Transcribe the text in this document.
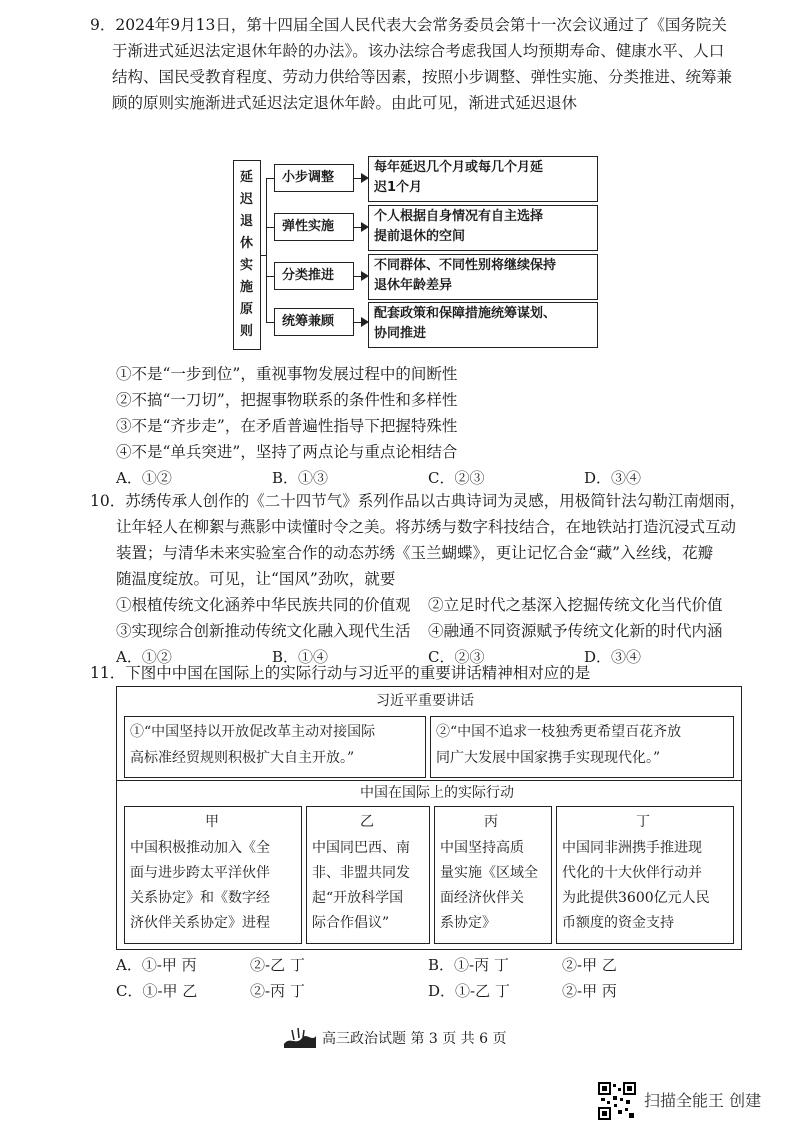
9．2024年9月13日，第十四届全国人民代表大会常务委员会第十一次会议通过了《国务院关
于渐进式延迟法定退休年龄的办法》。该办法综合考虑我国人均预期寿命、健康水平、人口
结构、国民受教育程度、劳动力供给等因素，按照小步调整、弹性实施、分类推进、统筹兼
顾的原则实施渐进式延迟法定退休年龄。由此可见，渐进式延迟退休
延
迟
退
休
实
施
原
则
小步调整
弹性实施
分类推进
统筹兼顾
每年延迟几个月或每几个月延
迟1个月
个人根据自身情况有自主选择
提前退休的空间
不同群体、不同性别将继续保持
退休年龄差异
配套政策和保障措施统筹谋划、
协同推进
①不是“一步到位”，重视事物发展过程中的间断性
②不搞“一刀切”，把握事物联系的条件性和多样性
③不是“齐步走”，在矛盾普遍性指导下把握特殊性
④不是“单兵突进”，坚持了两点论与重点论相结合
A．①②	B．①③	C．②③	D．③④
10．苏绣传承人创作的《二十四节气》系列作品以古典诗词为灵感，用极简针法勾勒江南烟雨，
让年轻人在柳絮与燕影中读懂时令之美。将苏绣与数字科技结合，在地铁站打造沉浸式互动
装置；与清华未来实验室合作的动态苏绣《玉兰蝴蝶》，更让记忆合金“藏”入丝线，花瓣
随温度绽放。可见，让“国风”劲吹，就要
①根植传统文化涵养中华民族共同的价值观 ②立足时代之基深入挖掘传统文化当代价值
③实现综合创新推动传统文化融入现代生活 ④融通不同资源赋予传统文化新的时代内涵
A．①②	B．①④	C．②③	D．③④
11．下图中中国在国际上的实际行动与习近平的重要讲话精神相对应的是
习近平重要讲话
①“中国坚持以开放促改革主动对接国际
高标准经贸规则积极扩大自主开放。”
②“中国不追求一枝独秀更希望百花齐放
同广大发展中国家携手实现现代化。”
中国在国际上的实际行动
甲
中国积极推动加入《全
面与进步跨太平洋伙伴
关系协定》和《数字经
济伙伴关系协定》进程
乙
中国同巴西、南
非、非盟共同发
起“开放科学国
际合作倡议”
丙
中国坚持高质
量实施《区域全
面经济伙伴关
系协定》
丁
中国同非洲携手推进现
代化的十大伙伴行动并
为此提供3600亿元人民
币额度的资金支持
A．①-甲 丙	②-乙 丁	B．①-丙 丁	②-甲 乙
C．①-甲 乙	②-丙 丁	D．①-乙 丁	②-甲 丙
高三政治试题 第 3 页 共 6 页
扫描全能王 创建
